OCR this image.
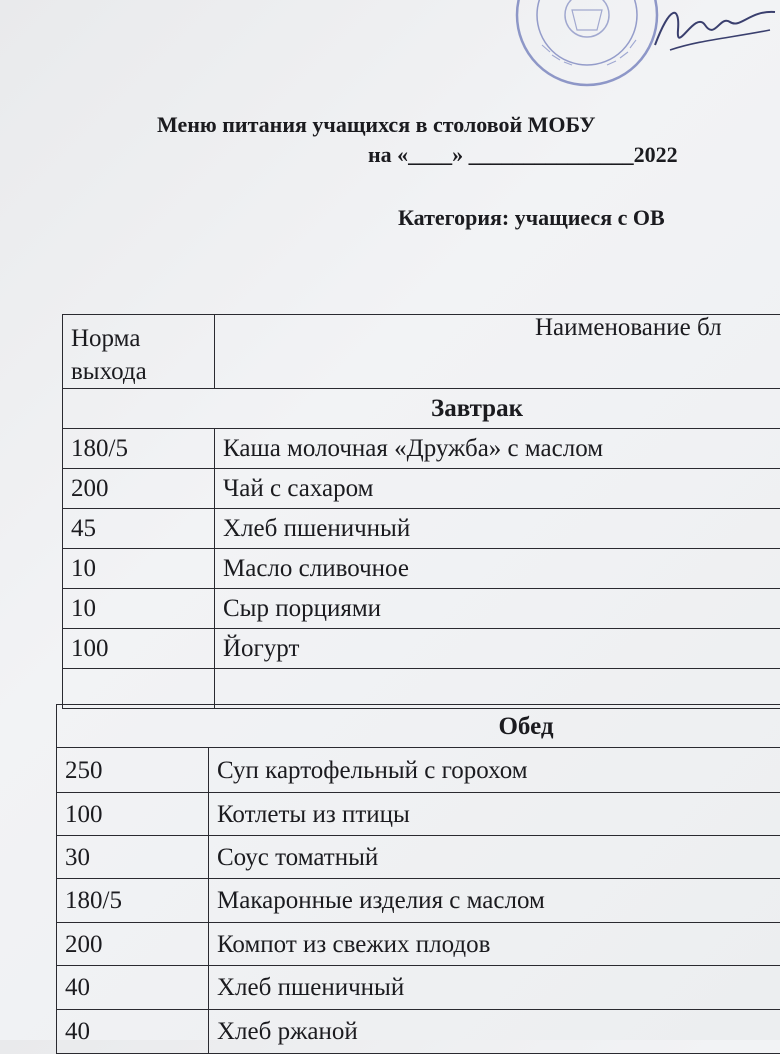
Меню питания учащихся в столовой МОБУ
на «____» _______________2022
Категория: учащиеся с ОВ
Норма выхода	Наименование бл
Завтрак	
180/5	Каша молочная «Дружба» с маслом
200	Чай с сахаром
45	Хлеб пшеничный
10	Масло сливочное
10	Сыр порциями
100	Йогурт

Обед	
250	Суп картофельный с горохом
100	Котлеты из птицы
30	Соус томатный
180/5	Макаронные изделия с маслом
200	Компот из свежих плодов
40	Хлеб пшеничный
40	Хлеб ржаной
